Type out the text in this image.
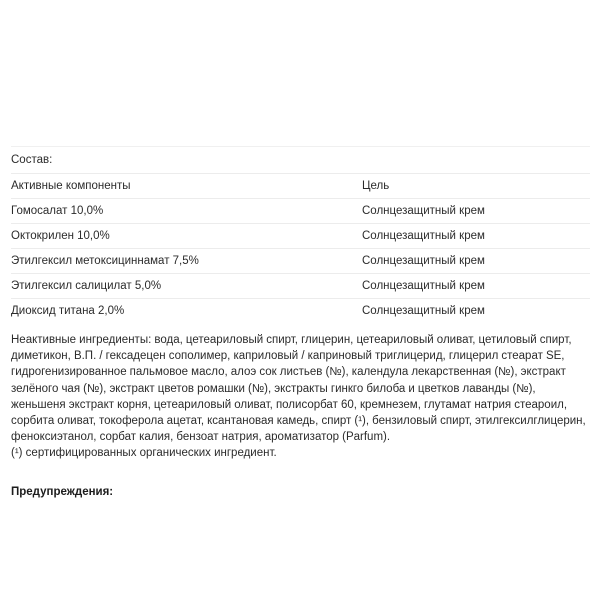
Состав:	
Активные компоненты	Цель
Гомосалат 10,0%	Солнцезащитный крем
Октокрилен 10,0%	Солнцезащитный крем
Этилгексил метоксициннамат 7,5%	Солнцезащитный крем
Этилгексил салицилат 5,0%	Солнцезащитный крем
Диоксид титана 2,0%	Солнцезащитный крем

Неактивные ингредиенты: вода, цетеариловый спирт, глицерин, цетеариловый оливат, цетиловый спирт, диметикон, В.П. / гексадецен сополимер, каприловый / каприновый триглицерид, глицерил стеарат SE, гидрогенизированное пальмовое масло, алоэ сок листьев (№), календула лекарственная (№), экстракт зелёного чая (№), экстракт цветов ромашки (№), экстракты гинкго билоба и цветков лаванды (№), женьшеня экстракт корня, цетеариловый оливат, полисорбат 60, кремнезем, глутамат натрия стеароил, сорбита оливат, токоферола ацетат, ксантановая камедь, спирт (¹), бензиловый спирт, этилгексилглицерин, феноксиэтанол, сорбат калия, бензоат натрия, ароматизатор (Parfum).

(¹) сертифицированных органических ингредиент.

Предупреждения:
